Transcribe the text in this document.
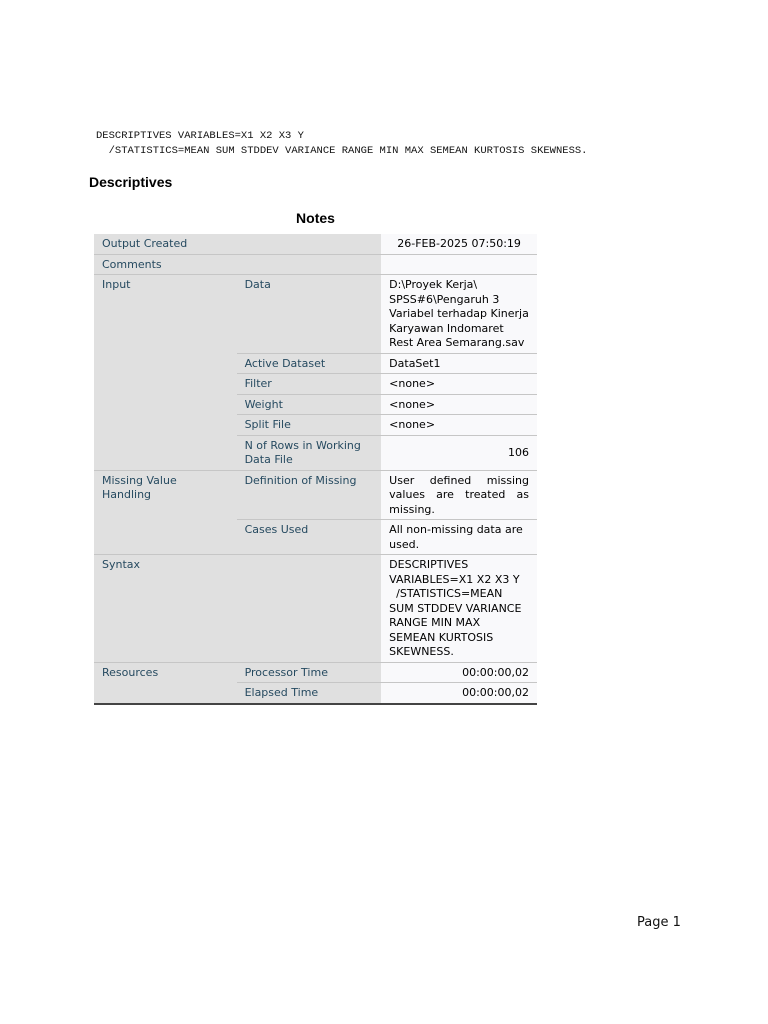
DESCRIPTIVES VARIABLES=X1 X2 X3 Y
/STATISTICS=MEAN SUM STDDEV VARIANCE RANGE MIN MAX SEMEAN KURTOSIS SKEWNESS.
Descriptives
Notes
Output Created		26-FEB-2025 07:50:19
Comments		
Input	Data	D:\Proyek Kerja\ SPSS#6\Pengaruh 3 Variabel terhadap Kinerja Karyawan Indomaret Rest Area Semarang.sav
	Active Dataset	DataSet1
	Filter	<none>
	Weight	<none>
	Split File	<none>
	N of Rows in Working Data File	106
Missing Value Handling	Definition of Missing	User defined missing values are treated as missing.
	Cases Used	All non-missing data are used.
Syntax		DESCRIPTIVES VARIABLES=X1 X2 X3 Y
/STATISTICS=MEAN SUM STDDEV VARIANCE RANGE MIN MAX SEMEAN KURTOSIS SKEWNESS.

Resources	Processor Time	00:00:00,02
	Elapsed Time	00:00:00,02
Page 1
